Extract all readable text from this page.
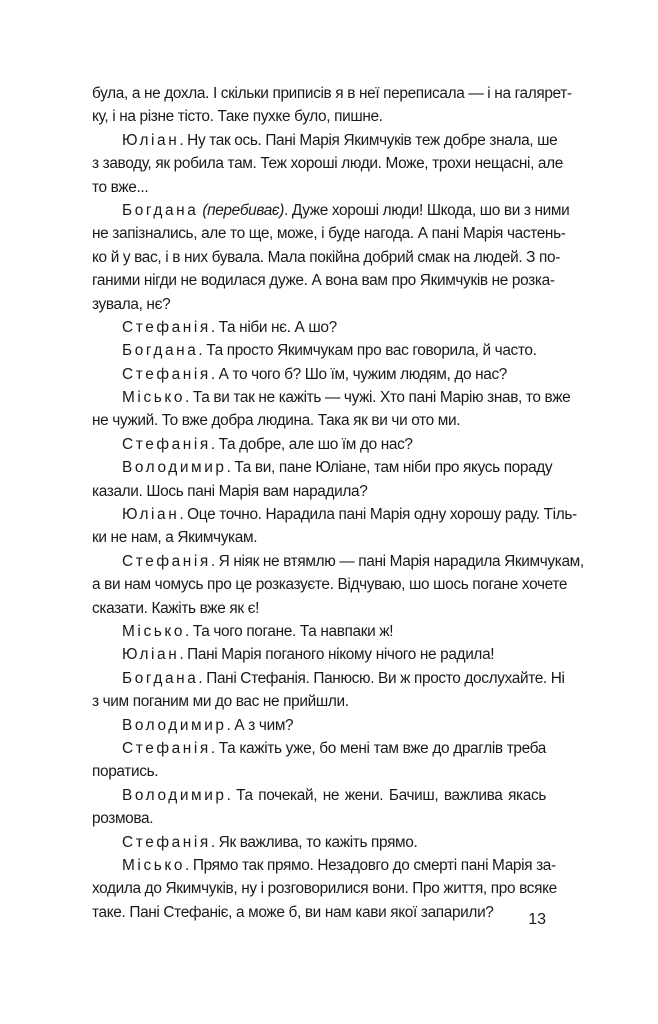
була, а не дохла. І скільки приписів я в неї переписала — і на галярет-
ку, і на різне тісто. Таке пухке було, пишне.
Юліан. Ну так ось. Пані Марія Якимчуків теж добре знала, ше
з заводу, як робила там. Теж хороші люди. Може, трохи нещасні, але
то вже...
Богдана (перебиває). Дуже хороші люди! Шкода, шо ви з ними
не запізнались, але то ще, може, і буде нагода. А пані Марія частень-
ко й у вас, і в них бувала. Мала покійна добрий смак на людей. З по-
ганими нігди не водилася дуже. А вона вам про Якимчуків не розка-
зувала, нє?
Стефанія. Та ніби нє. А шо?
Богдана. Та просто Якимчукам про вас говорила, й часто.
Стефанія. А то чого б? Шо їм, чужим людям, до нас?
Місько. Та ви так не кажіть — чужі. Хто пані Марію знав, то вже
не чужий. То вже добра людина. Така як ви чи ото ми.
Стефанія. Та добре, але шо їм до нас?
Володимир. Та ви, пане Юліане, там ніби про якусь пораду
казали. Шось пані Марія вам нарадила?
Юліан. Оце точно. Нарадила пані Марія одну хорошу раду. Тіль-
ки не нам, а Якимчукам.
Стефанія. Я ніяк не втямлю — пані Марія нарадила Якимчукам,
а ви нам чомусь про це розказуєте. Відчуваю, шо шось погане хочете
сказати. Кажіть вже як є!
Місько. Та чого погане. Та навпаки ж!
Юліан. Пані Марія поганого нікому нічого не радила!
Богдана. Пані Стефанія. Панюсю. Ви ж просто дослухайте. Ні
з чим поганим ми до вас не прийшли.
Володимир. А з чим?
Стефанія. Та кажіть уже, бо мені там вже до драглів треба
поратись.
Володимир. Та почекай, не жени. Бачиш, важлива якась
розмова.
Стефанія. Як важлива, то кажіть прямо.
Місько. Прямо так прямо. Незадовго до смерті пані Марія за-
ходила до Якимчуків, ну і розговорилися вони. Про життя, про всяке
таке. Пані Стефаніє, а може б, ви нам кави якої запарили?	13
